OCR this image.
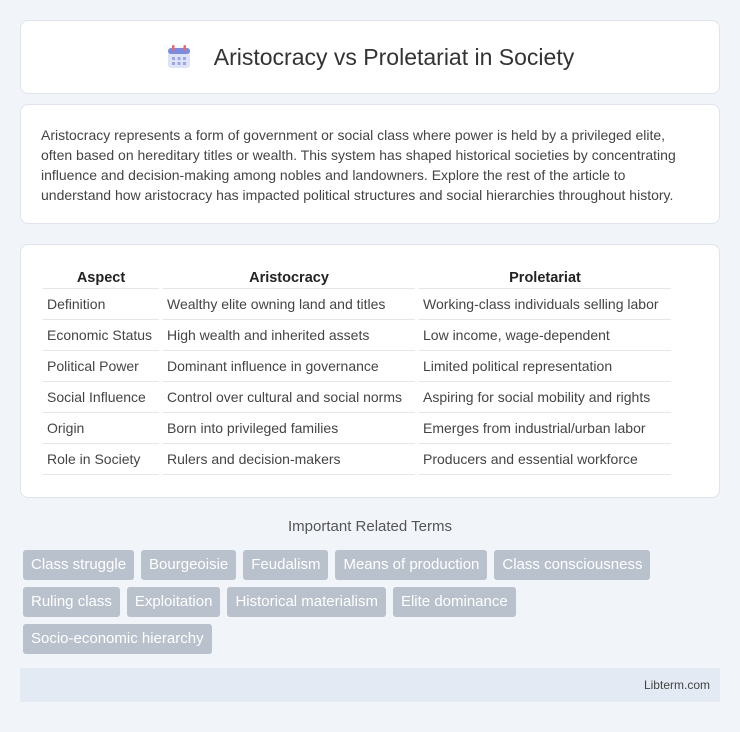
Aristocracy vs Proletariat in Society

Aristocracy represents a form of government or social class where power is held by a privileged elite, often based on hereditary titles or wealth. This system has shaped historical societies by concentrating influence and decision-making among nobles and landowners. Explore the rest of the article to understand how aristocracy has impacted political structures and social hierarchies throughout history.

Aspect	Aristocracy	Proletariat
Definition	Wealthy elite owning land and titles	Working-class individuals selling labor
Economic Status	High wealth and inherited assets	Low income, wage-dependent
Political Power	Dominant influence in governance	Limited political representation
Social Influence	Control over cultural and social norms	Aspiring for social mobility and rights
Origin	Born into privileged families	Emerges from industrial/urban labor
Role in Society	Rulers and decision-makers	Producers and essential workforce
Important Related Terms
Class struggle	Bourgeoisie	Feudalism	Means of production	Class consciousness
Ruling class	Exploitation	Historical materialism	Elite dominance
Socio-economic hierarchy
Libterm.com
